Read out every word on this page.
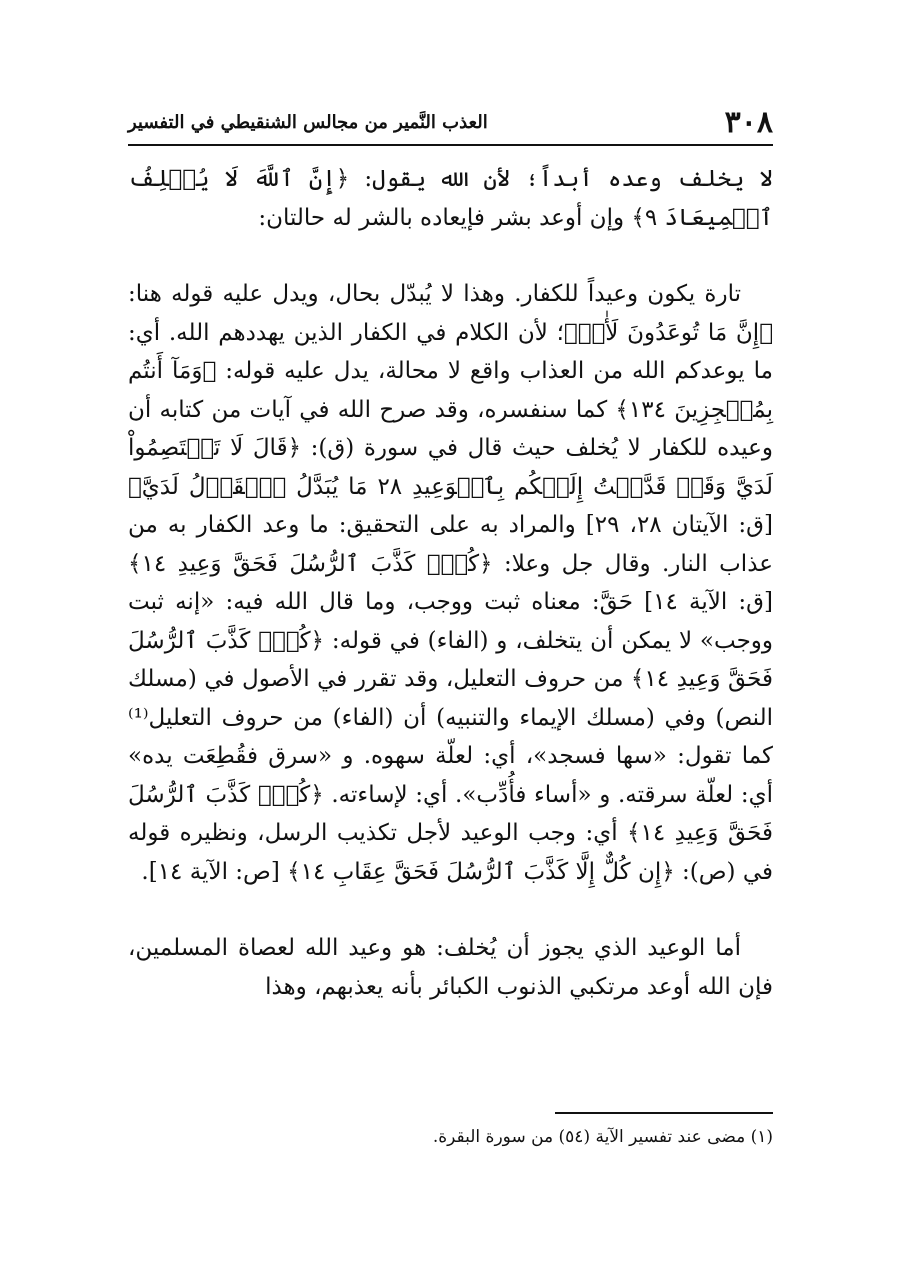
٣٠٨
العذب النَّمير من مجالس الشنقيطي في التفسير

لا يخلف وعده أبداً؛ لأن الله يقول: ﴿إِنَّ ٱللَّهَ لَا يُخۡلِفُ ٱلۡمِيعَادَ ٩﴾ وإن أوعد بشر فإيعاده بالشر له حالتان:

تارة يكون وعيداً للكفار. وهذا لا يُبدّل بحال، ويدل عليه قوله هنا: ﴿إِنَّ مَا تُوعَدُونَ لَأٰتٖ﴾؛ لأن الكلام في الكفار الذين يهددهم الله. أي: ما يوعدكم الله من العذاب واقع لا محالة، يدل عليه قوله: ﴿وَمَآ أَنتُم بِمُعۡجِزِينَ ١٣٤﴾ كما سنفسره، وقد صرح الله في آيات من كتابه أن وعيده للكفار لا يُخلف حيث قال في سورة (ق): ﴿قَالَ لَا تَخۡتَصِمُواْ لَدَيَّ وَقَدۡ قَدَّمۡتُ إِلَيۡكُم بِٱلۡوَعِيدِ ٢٨ مَا يُبَدَّلُ ٱلۡقَوۡلُ لَدَيَّ﴾ [ق: الآيتان ٢٨، ٢٩] والمراد به على التحقيق: ما وعد الكفار به من عذاب النار. وقال جل وعلا: ﴿كُلّٞ كَذَّبَ ٱلرُّسُلَ فَحَقَّ وَعِيدِ ١٤﴾ [ق: الآية ١٤] حَقَّ: معناه ثبت ووجب، وما قال الله فيه: «إنه ثبت ووجب» لا يمكن أن يتخلف، و (الفاء) في قوله: ﴿كُلّٞ كَذَّبَ ٱلرُّسُلَ فَحَقَّ وَعِيدِ ١٤﴾ من حروف التعليل، وقد تقرر في الأصول في (مسلك النص) وفي (مسلك الإيماء والتنبيه) أن (الفاء) من حروف التعليل⁽¹⁾ كما تقول: «سها فسجد»، أي: لعلّة سهوه. و «سرق فقُطِعَت يده» أي: لعلّة سرقته. و «أساء فأُدِّب». أي: لإساءته. ﴿كُلّٞ كَذَّبَ ٱلرُّسُلَ فَحَقَّ وَعِيدِ ١٤﴾ أي: وجب الوعيد لأجل تكذيب الرسل، ونظيره قوله في (ص): ﴿إِن كُلٌّ إِلَّا كَذَّبَ ٱلرُّسُلَ فَحَقَّ عِقَابِ ١٤﴾ [ص: الآية ١٤].

أما الوعيد الذي يجوز أن يُخلف: هو وعيد الله لعصاة المسلمين، فإن الله أوعد مرتكبي الذنوب الكبائر بأنه يعذبهم، وهذا

(١) مضى عند تفسير الآية (٥٤) من سورة البقرة.
